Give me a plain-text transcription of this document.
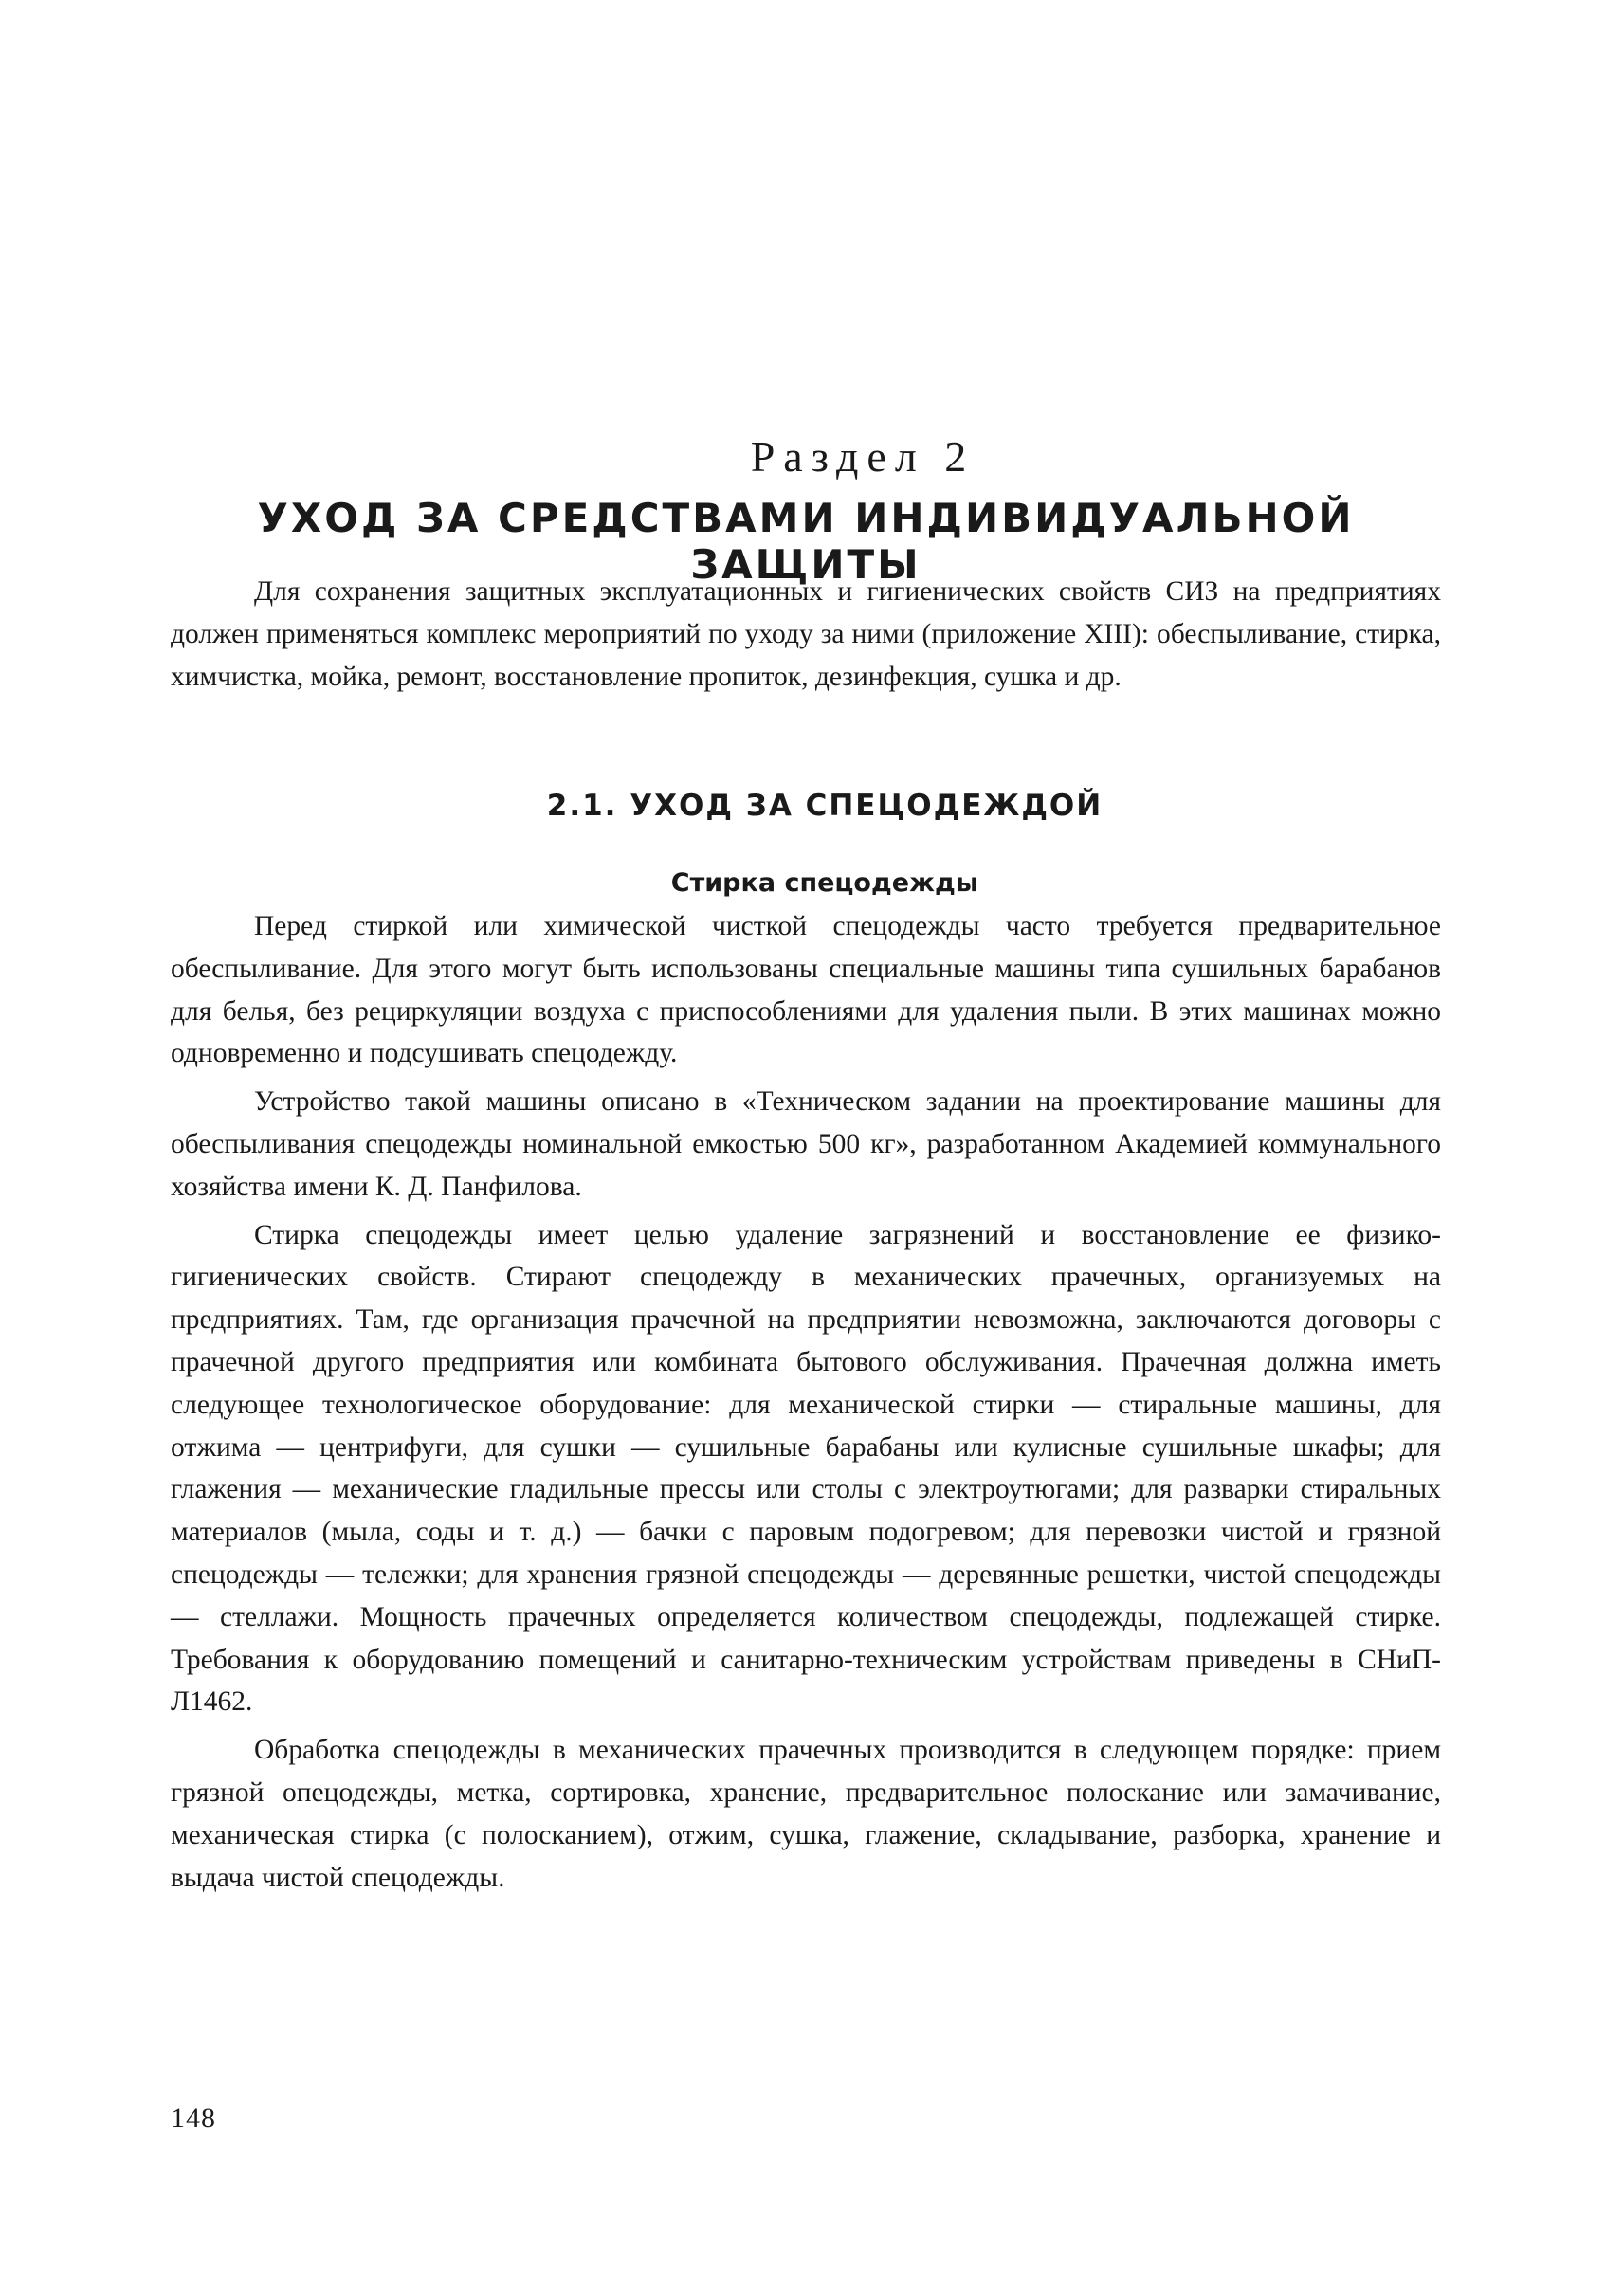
Раздел 2
УХОД ЗА СРЕДСТВАМИ ИНДИВИДУАЛЬНОЙ ЗАЩИТЫ

Для сохранения защитных эксплуатационных и гигиенических свойств СИЗ на предприятиях должен применяться комплекс мероприятий по уходу за ними (приложение XIII): обеспыливание, стирка, химчистка, мойка, ремонт, восстановление пропиток, дезинфекция, сушка и др.

2.1. УХОД ЗА СПЕЦОДЕЖДОЙ
Стирка спецодежды

Перед стиркой или химической чисткой спецодежды часто требуется предварительное обеспыливание. Для этого могут быть использованы специальные машины типа сушильных барабанов для белья, без рециркуляции воздуха с приспособлениями для удаления пыли. В этих машинах можно одновременно и подсушивать спецодежду.

Устройство такой машины описано в «Техническом задании на проектирование машины для обеспыливания спецодежды номинальной емкостью 500 кг», разработанном Академией коммунального хозяйства имени К. Д. Панфилова.

Стирка спецодежды имеет целью удаление загрязнений и восстановление ее физико-гигиенических свойств. Стирают спецодежду в механических прачечных, организуемых на предприятиях. Там, где организация прачечной на предприятии невозможна, заключаются договоры с прачечной другого предприятия или комбината бытового обслуживания. Прачечная должна иметь следующее технологическое оборудование: для механической стирки — стиральные машины, для отжима — центрифуги, для сушки — сушильные барабаны или кулисные сушильные шкафы; для глажения — механические гладильные прессы или столы с электроутюгами; для разварки стиральных материалов (мыла, соды и т. д.) — бачки с паровым подогревом; для перевозки чистой и грязной спецодежды — тележки; для хранения грязной спецодежды — деревянные решетки, чистой спецодежды — стеллажи. Мощность прачечных определяется количеством спецодежды, подлежащей стирке. Требования к оборудованию помещений и санитарно-техническим устройствам приведены в СНиП-Л1462.

Обработка спецодежды в механических прачечных производится в следующем порядке: прием грязной опецодежды, метка, сортировка, хранение, предварительное полоскание или замачивание, механическая стирка (с полосканием), отжим, сушка, глажение, складывание, разборка, хранение и выдача чистой спецодежды.

148
